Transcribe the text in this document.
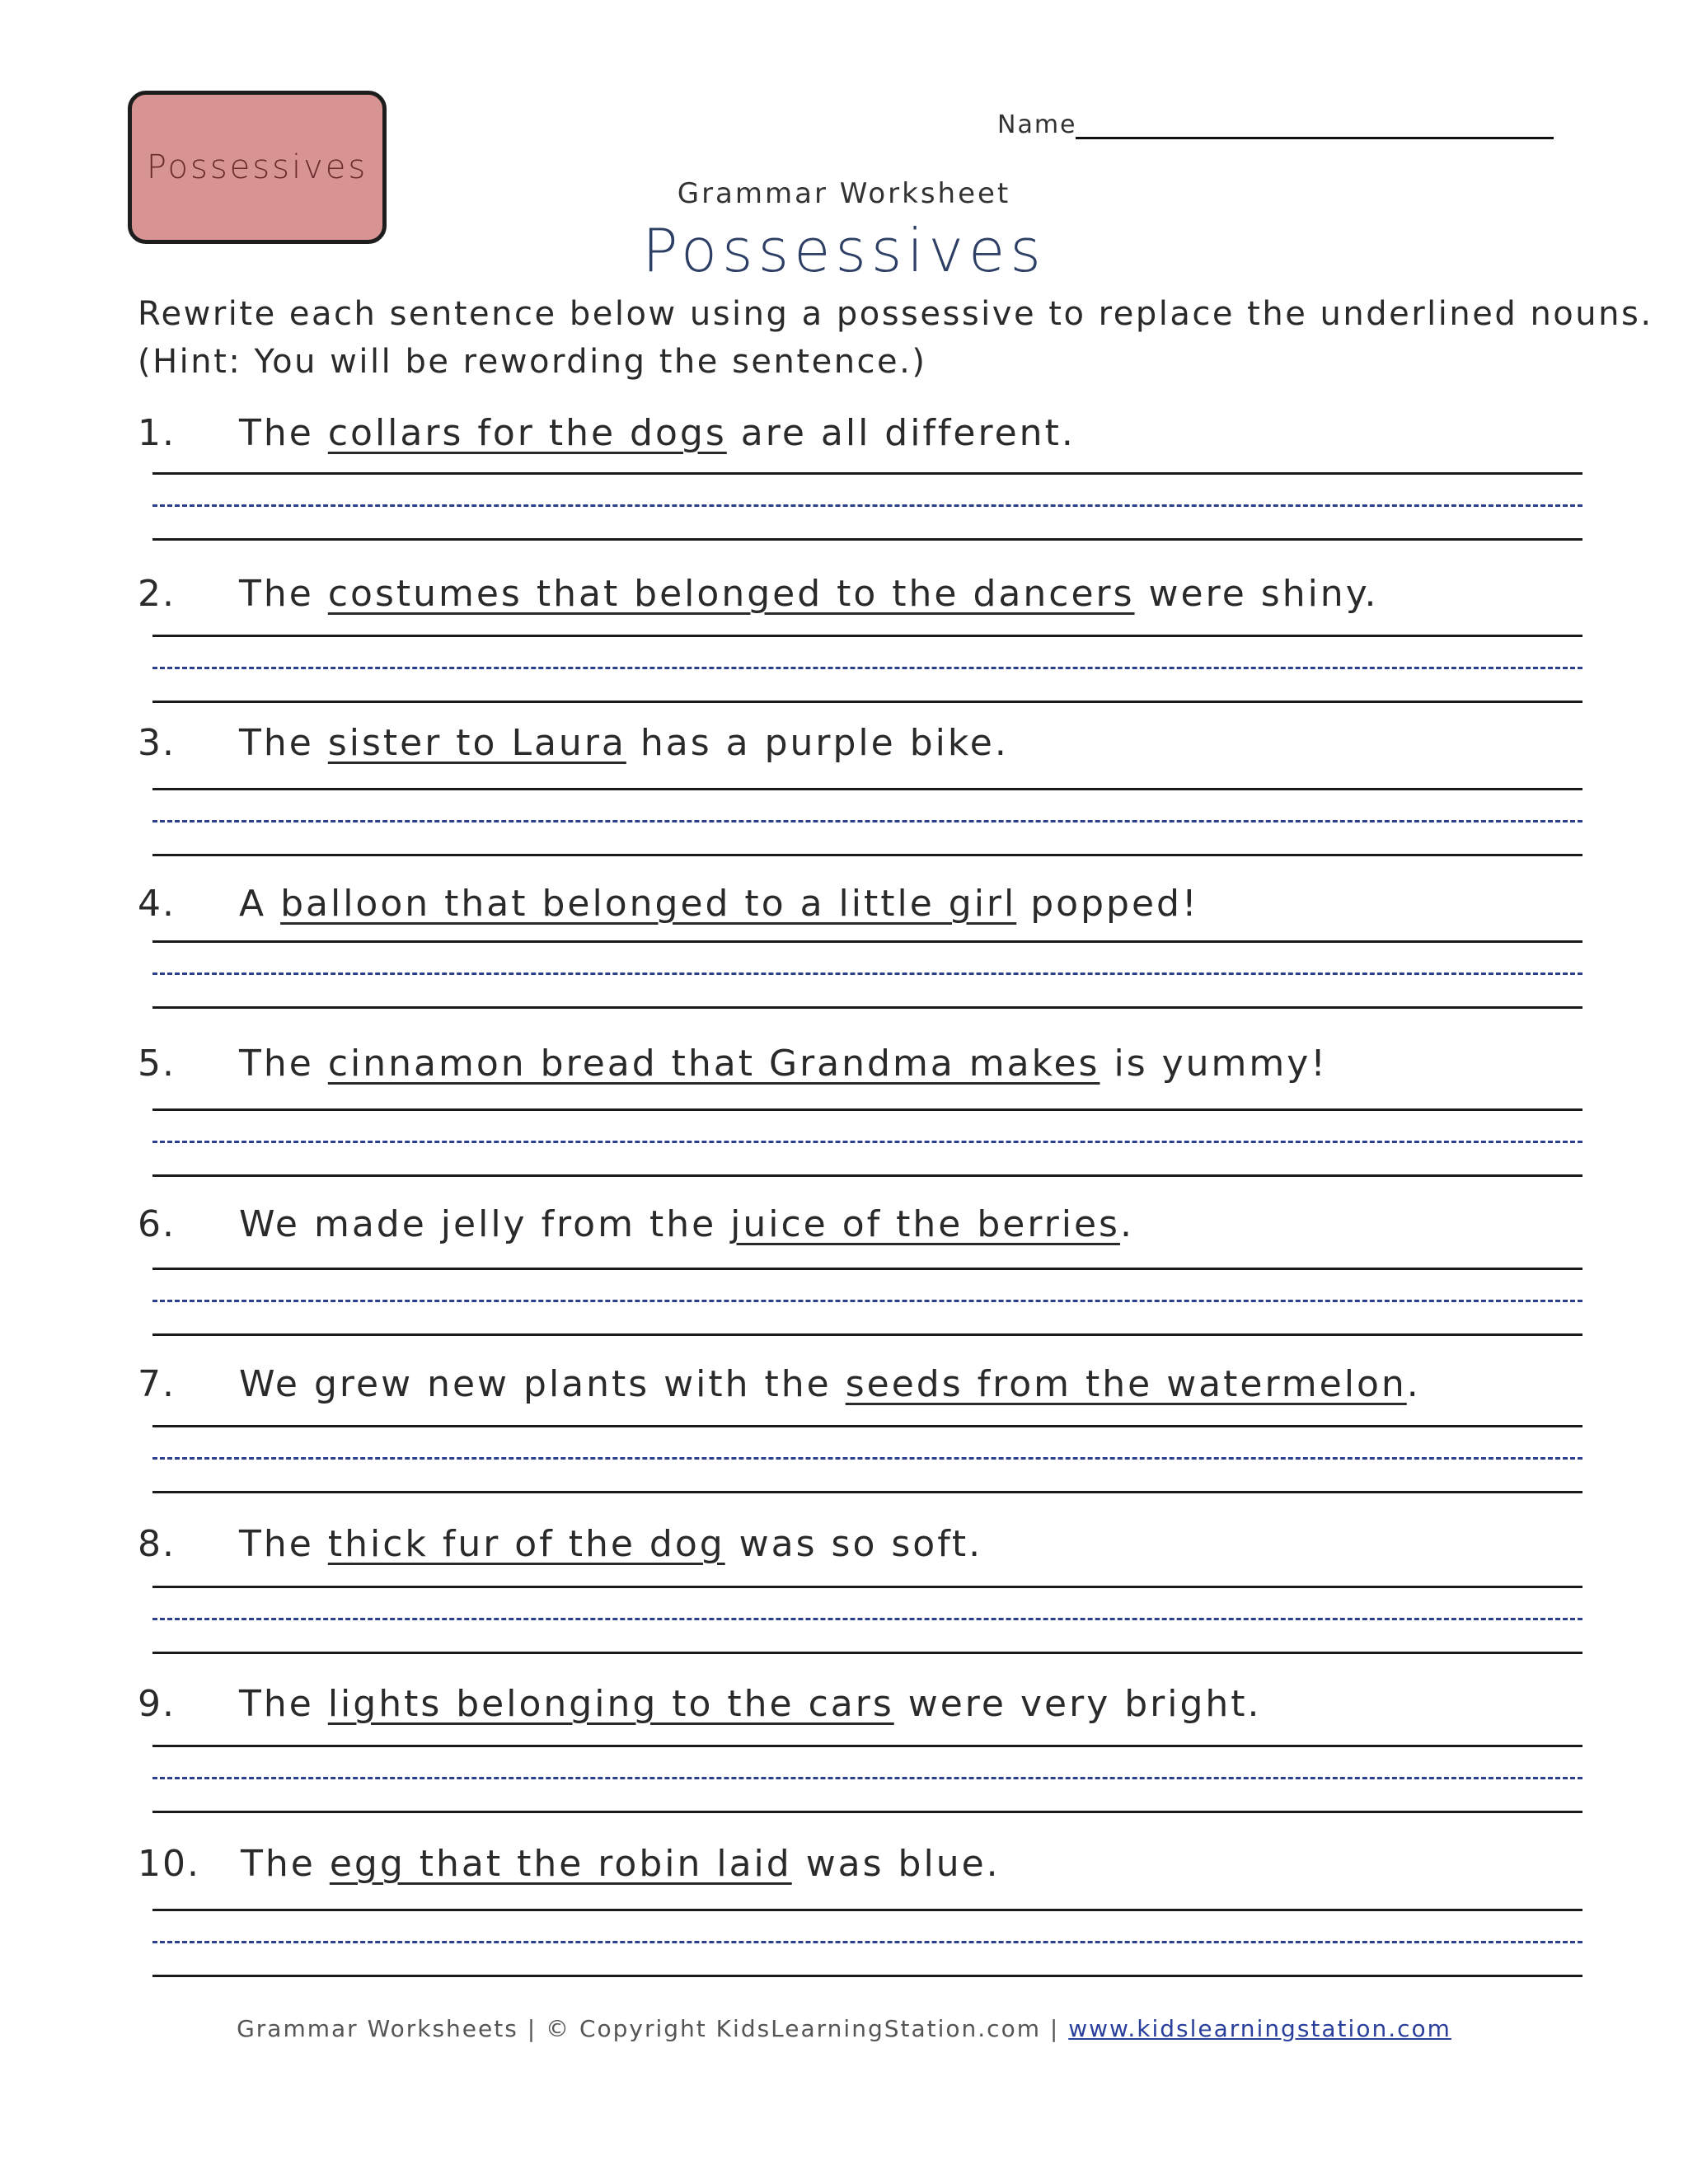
Possessives
Name
Grammar Worksheet
Possessives
Rewrite each sentence below using a possessive to replace the underlined nouns.
(Hint: You will be rewording the sentence.)
1. The collars for the dogs are all different.
2. The costumes that belonged to the dancers were shiny.
3. The sister to Laura has a purple bike.
4. A balloon that belonged to a little girl popped!
5. The cinnamon bread that Grandma makes is yummy!
6. We made jelly from the juice of the berries.
7. We grew new plants with the seeds from the watermelon.
8. The thick fur of the dog was so soft.
9. The lights belonging to the cars were very bright.
10. The egg that the robin laid was blue.
Grammar Worksheets | © Copyright KidsLearningStation.com | www.kidslearningstation.com
